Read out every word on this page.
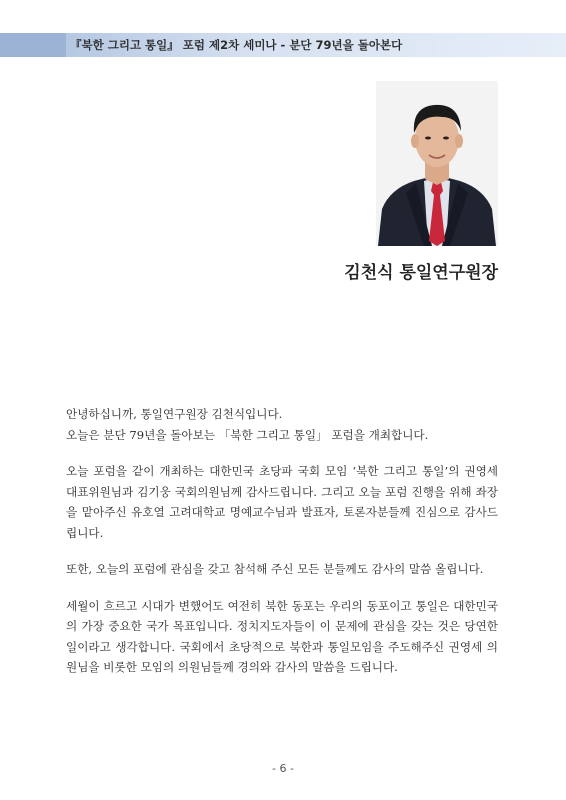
『북한 그리고 통일』 포럼 제2차 세미나 - 분단 79년을 돌아본다
김천식 통일연구원장

안녕하십니까, 통일연구원장 김천식입니다.

오늘은 분단 79년을 돌아보는 「북한 그리고 통일」 포럼을 개최합니다.

오늘 포럼을 같이 개최하는 대한민국 초당파 국회 모임 ‘북한 그리고 통일’의 권영세 대표위원님과 김기웅 국회의원님께 감사드립니다. 그리고 오늘 포럼 진행을 위해 좌장을 맡아주신 유호열 고려대학교 명예교수님과 발표자, 토론자분들께 진심으로 감사드립니다.

또한, 오늘의 포럼에 관심을 갖고 참석해 주신 모든 분들께도 감사의 말씀 올립니다.

세월이 흐르고 시대가 변했어도 여전히 북한 동포는 우리의 동포이고 통일은 대한민국의 가장 중요한 국가 목표입니다. 정치지도자들이 이 문제에 관심을 갖는 것은 당연한 일이라고 생각합니다. 국회에서 초당적으로 북한과 통일모임을 주도해주신 권영세 의원님을 비롯한 모임의 의원님들께 경의와 감사의 말씀을 드립니다.

- 6 -
